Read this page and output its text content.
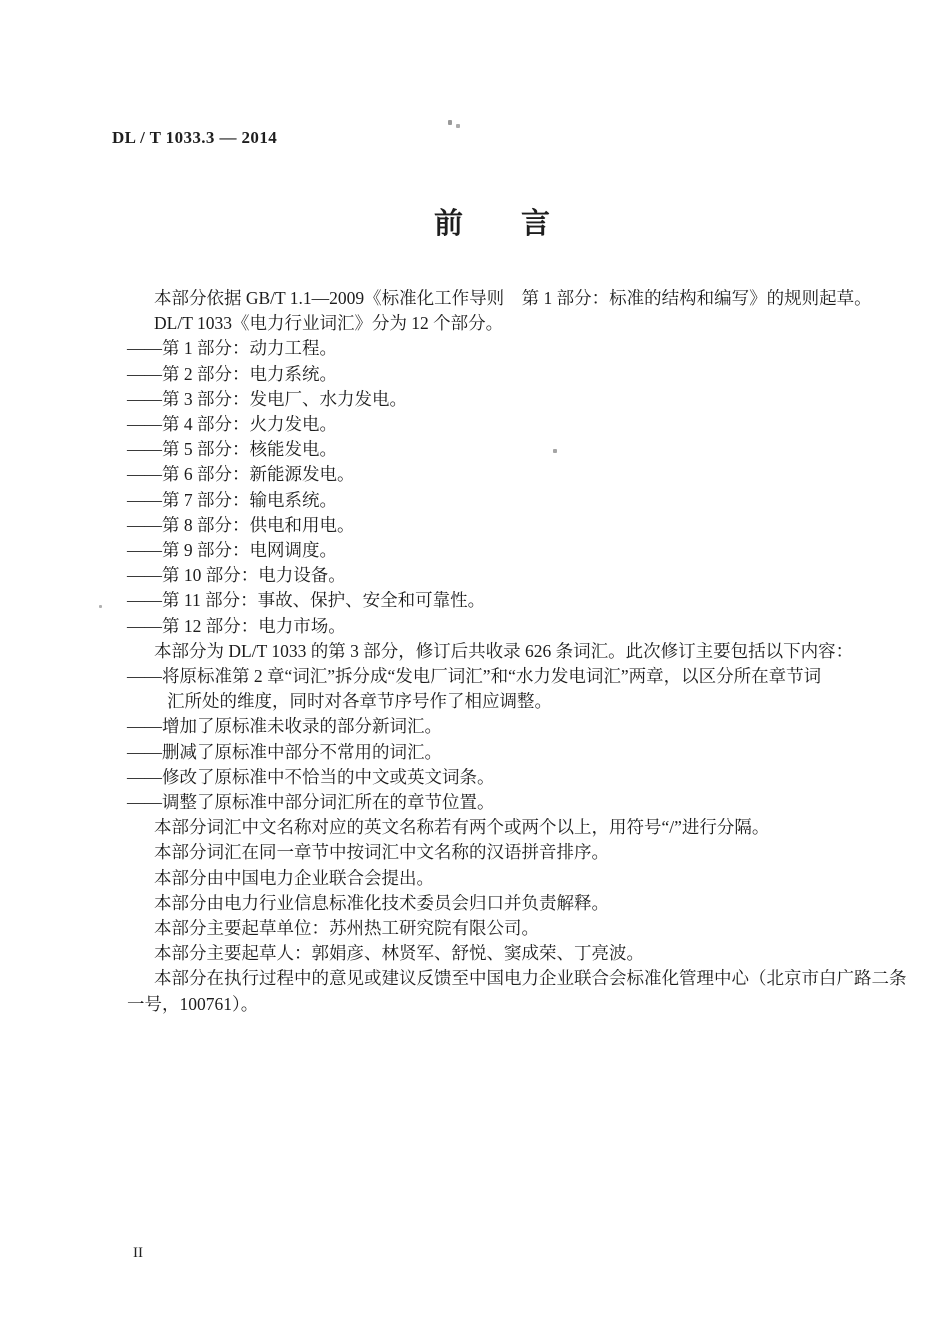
DL / T 1033.3 — 2014
前　　言
本部分依据 GB/T 1.1—2009《标准化工作导则　第 1 部分：标准的结构和编写》的规则起草。
DL/T 1033《电力行业词汇》分为 12 个部分。
——第 1 部分：动力工程。
——第 2 部分：电力系统。
——第 3 部分：发电厂、水力发电。
——第 4 部分：火力发电。
——第 5 部分：核能发电。
——第 6 部分：新能源发电。
——第 7 部分：输电系统。
——第 8 部分：供电和用电。
——第 9 部分：电网调度。
——第 10 部分：电力设备。
——第 11 部分：事故、保护、安全和可靠性。
——第 12 部分：电力市场。
本部分为 DL/T 1033 的第 3 部分，修订后共收录 626 条词汇。此次修订主要包括以下内容：
——将原标准第 2 章“词汇”拆分成“发电厂词汇”和“水力发电词汇”两章，以区分所在章节词
汇所处的维度，同时对各章节序号作了相应调整。
——增加了原标准未收录的部分新词汇。
——删减了原标准中部分不常用的词汇。
——修改了原标准中不恰当的中文或英文词条。
——调整了原标准中部分词汇所在的章节位置。
本部分词汇中文名称对应的英文名称若有两个或两个以上，用符号“/”进行分隔。
本部分词汇在同一章节中按词汇中文名称的汉语拼音排序。
本部分由中国电力企业联合会提出。
本部分由电力行业信息标准化技术委员会归口并负责解释。
本部分主要起草单位：苏州热工研究院有限公司。
本部分主要起草人：郭娟彦、林贤军、舒悦、窦成荣、丁亮波。
本部分在执行过程中的意见或建议反馈至中国电力企业联合会标准化管理中心（北京市白广路二条
一号，100761）。
II
